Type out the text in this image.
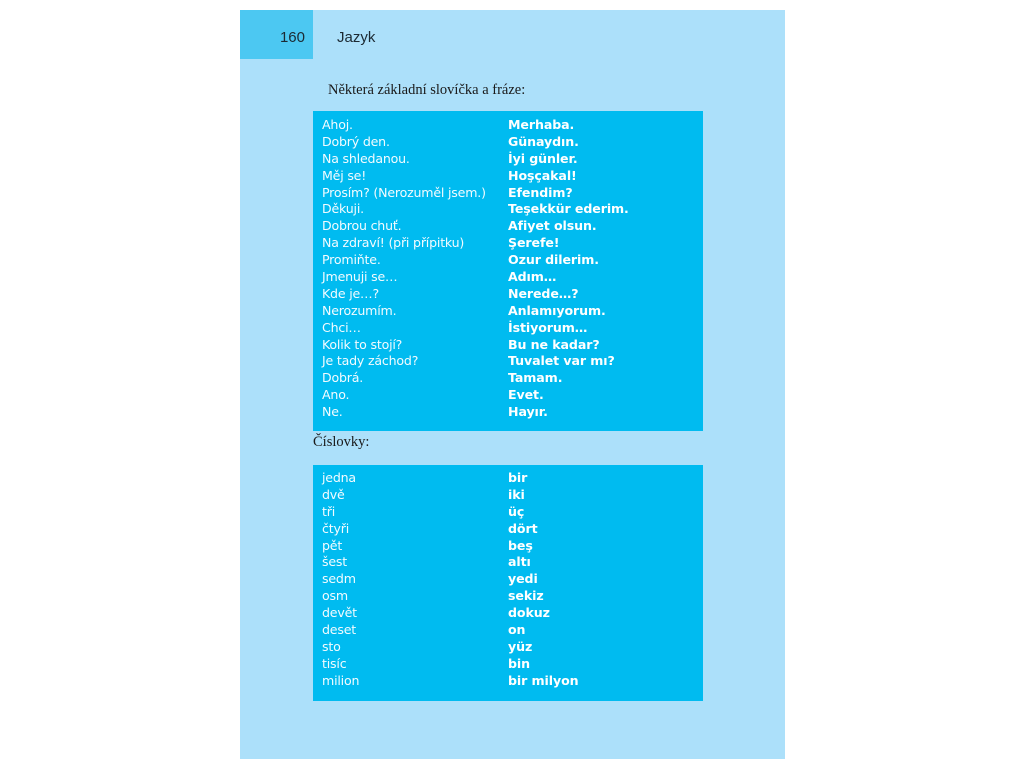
160 Jazyk
Některá základní slovíčka a fráze:
Ahoj.	Merhaba.
Dobrý den.	Günaydın.
Na shledanou.	İyi günler.
Měj se!	Hoşçakal!
Prosím? (Nerozuměl jsem.)	Efendim?
Děkuji.	Teşekkür ederim.
Dobrou chuť.	Afiyet olsun.
Na zdraví! (při přípitku)	Şerefe!
Promiňte.	Ozur dilerim.
Jmenuji se…	Adım…
Kde je…?	Nerede…?
Nerozumím.	Anlamıyorum.
Chci…	İstiyorum…
Kolik to stojí?	Bu ne kadar?
Je tady záchod?	Tuvalet var mı?
Dobrá.	Tamam.
Ano.	Evet.
Ne.	Hayır.
Číslovky:
jedna	bir
dvě	iki
tři	üç
čtyři	dört
pět	beş
šest	altı
sedm	yedi
osm	sekiz
devět	dokuz
deset	on
sto	yüz
tisíc	bin
milion	bir milyon
